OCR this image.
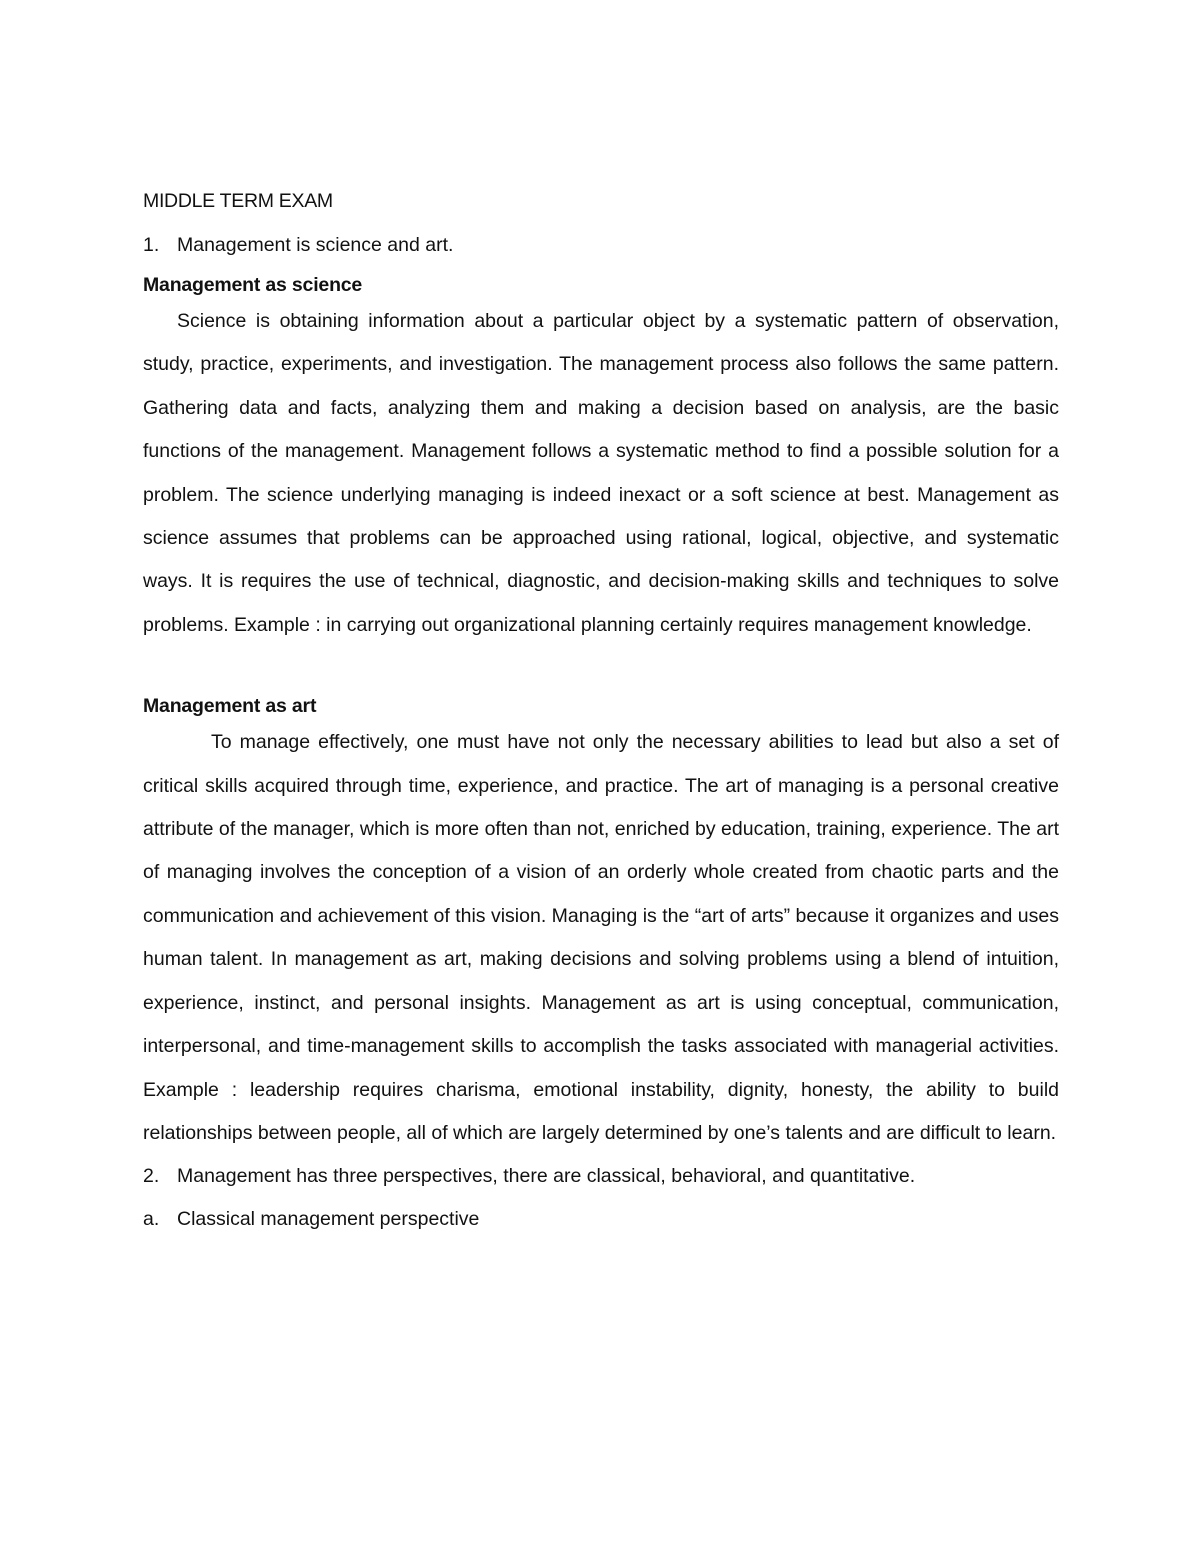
MIDDLE TERM EXAM
1. Management is science and art.
Management as science

Science is obtaining information about a particular object by a systematic pattern of observation, study, practice, experiments, and investigation. The management process also follows the same pattern. Gathering data and facts, analyzing them and making a decision based on analysis, are the basic functions of the management. Management follows a systematic method to find a possible solution for a problem. The science underlying managing is indeed inexact or a soft science at best. Management as science assumes that problems can be approached using rational, logical, objective, and systematic ways. It is requires the use of technical, diagnostic, and decision-making skills and techniques to solve problems. Example : in carrying out organizational planning certainly requires management knowledge.

Management as art

To manage effectively, one must have not only the necessary abilities to lead but also a set of critical skills acquired through time, experience, and practice. The art of managing is a personal creative attribute of the manager, which is more often than not, enriched by education, training, experience. The art of managing involves the conception of a vision of an orderly whole created from chaotic parts and the communication and achievement of this vision. Managing is the “art of arts” because it organizes and uses human talent. In management as art, making decisions and solving problems using a blend of intuition, experience, instinct, and personal insights. Management as art is using conceptual, communication, interpersonal, and time-management skills to accomplish the tasks associated with managerial activities. Example : leadership requires charisma, emotional instability, dignity, honesty, the ability to build relationships between people, all of which are largely determined by one’s talents and are difficult to learn.

2. Management has three perspectives, there are classical, behavioral, and quantitative.
a. Classical management perspective
